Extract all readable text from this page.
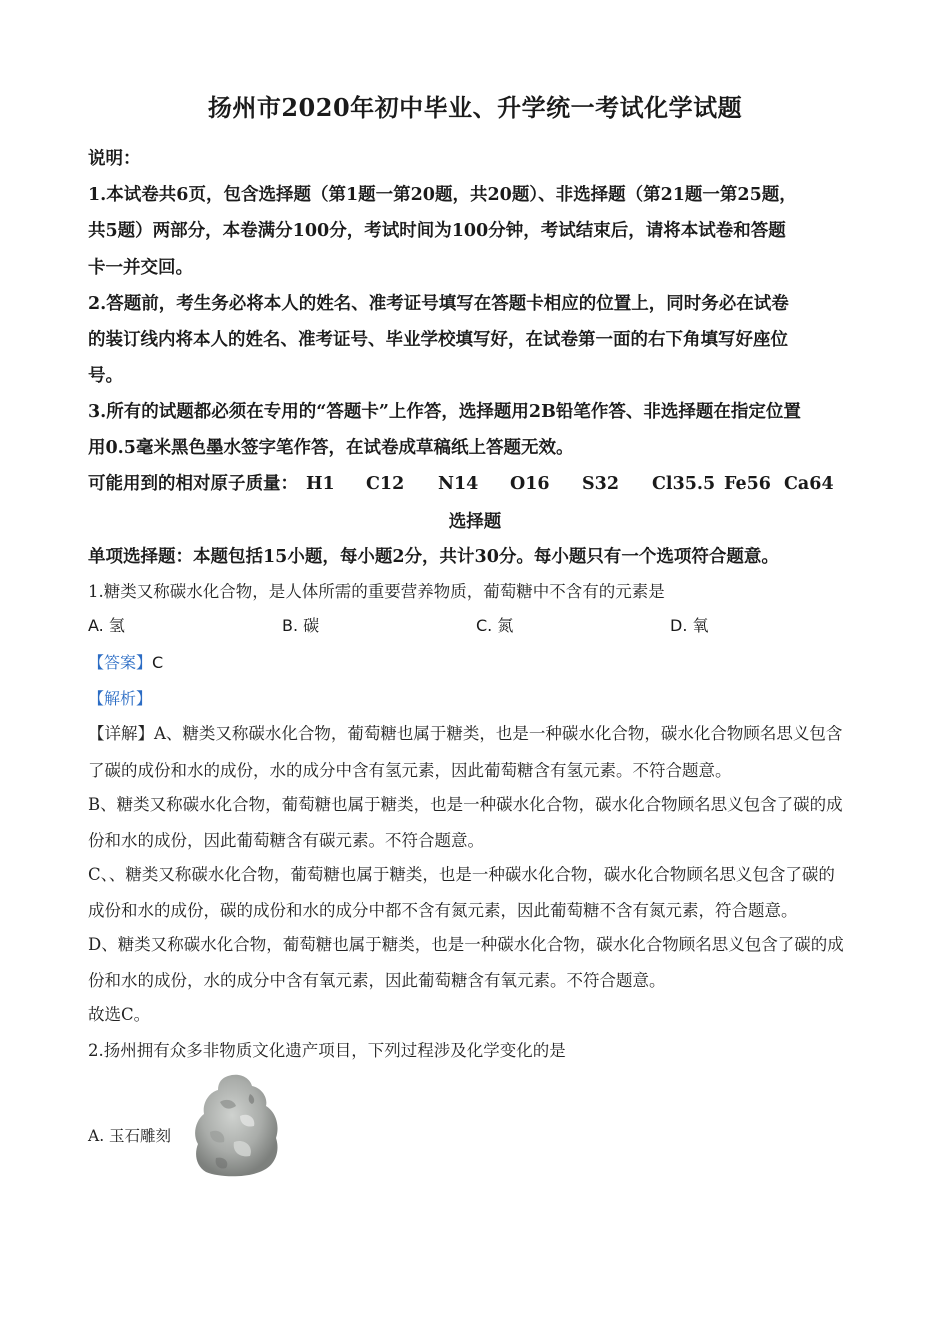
扬州市2020年初中毕业、升学统一考试化学试题
说明：
1.本试卷共6页，包含选择题（第1题一第20题，共20题）、非选择题（第21题一第25题，
共5题）两部分，本卷满分100分，考试时间为100分钟，考试结束后，请将本试卷和答题
卡一并交回。
2.答题前，考生务必将本人的姓名、准考证号填写在答题卡相应的位置上，同时务必在试卷
的装订线内将本人的姓名、准考证号、毕业学校填写好，在试卷第一面的右下角填写好座位
号。
3.所有的试题都必须在专用的“答题卡”上作答，选择题用2B铅笔作答、非选择题在指定位置
用0.5毫米黑色墨水签字笔作答，在试卷成草稿纸上答题无效。
可能用到的相对原子质量： H1 C12 N14 O16 S32 Cl35.5 Fe56 Ca64
选择题
单项选择题：本题包括15小题，每小题2分，共计30分。每小题只有一个选项符合题意。
1.糖类又称碳水化合物，是人体所需的重要营养物质，葡萄糖中不含有的元素是
A. 氢	B. 碳	C. 氮	D. 氧
【答案】C
【解析】
【详解】A、糖类又称碳水化合物，葡萄糖也属于糖类，也是一种碳水化合物，碳水化合物顾名思义包含
了碳的成份和水的成份，水的成分中含有氢元素，因此葡萄糖含有氢元素。不符合题意。
B、糖类又称碳水化合物，葡萄糖也属于糖类，也是一种碳水化合物，碳水化合物顾名思义包含了碳的成
份和水的成份，因此葡萄糖含有碳元素。不符合题意。
C、、糖类又称碳水化合物，葡萄糖也属于糖类，也是一种碳水化合物，碳水化合物顾名思义包含了碳的
成份和水的成份，碳的成份和水的成分中都不含有氮元素，因此葡萄糖不含有氮元素，符合题意。
D、糖类又称碳水化合物，葡萄糖也属于糖类，也是一种碳水化合物，碳水化合物顾名思义包含了碳的成
份和水的成份，水的成分中含有氧元素，因此葡萄糖含有氧元素。不符合题意。
故选C。
2.扬州拥有众多非物质文化遗产项目，下列过程涉及化学变化的是
A. 玉石雕刻
